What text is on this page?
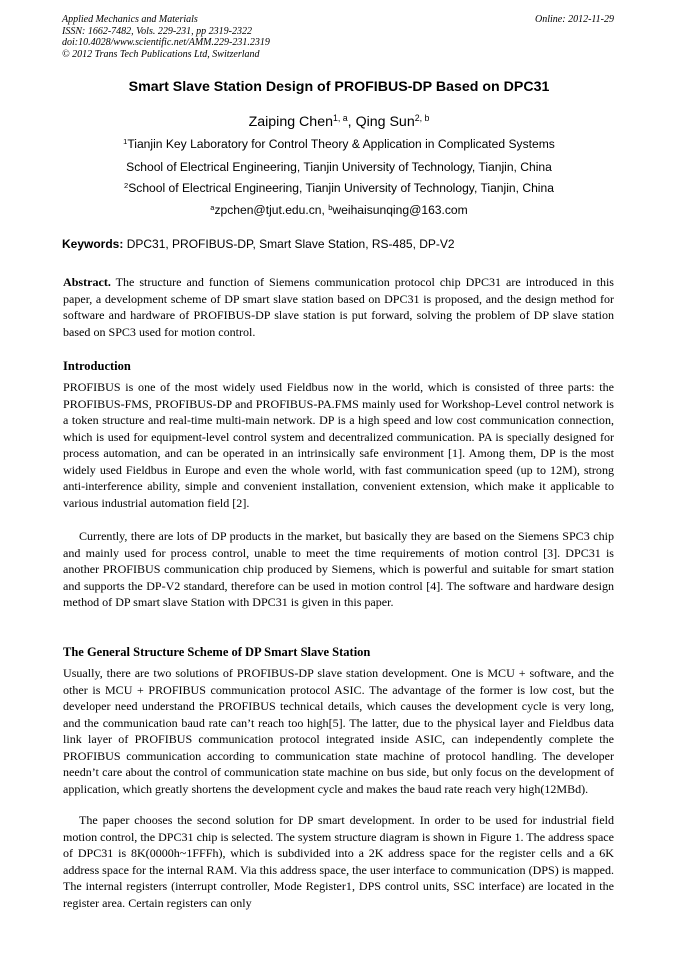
Applied Mechanics and Materials
ISSN: 1662-7482, Vols. 229-231, pp 2319-2322
doi:10.4028/www.scientific.net/AMM.229-231.2319
© 2012 Trans Tech Publications Ltd, Switzerland
Online: 2012-11-29
Smart Slave Station Design of PROFIBUS-DP Based on DPC31
Zaiping Chen$^{1, a}$, Qing Sun$^{2, b}$
$^1$Tianjin Key Laboratory for Control Theory & Application in Complicated Systems
School of Electrical Engineering, Tianjin University of Technology, Tianjin, China
$^2$School of Electrical Engineering, Tianjin University of Technology, Tianjin, China
$^a$zpchen@tjut.edu.cn, $^b$weihaisunqing@163.com
Keywords: DPC31, PROFIBUS-DP, Smart Slave Station, RS-485, DP-V2
Abstract. The structure and function of Siemens communication protocol chip DPC31 are introduced in this paper, a development scheme of DP smart slave station based on DPC31 is proposed, and the design method for software and hardware of PROFIBUS-DP slave station is put forward, solving the problem of DP slave station based on SPC3 used for motion control.
Introduction
PROFIBUS is one of the most widely used Fieldbus now in the world, which is consisted of three parts: the PROFIBUS-FMS, PROFIBUS-DP and PROFIBUS-PA.FMS mainly used for Workshop-Level control network is a token structure and real-time multi-main network. DP is a high speed and low cost communication connection, which is used for equipment-level control system and decentralized communication. PA is specially designed for process automation, and can be operated in an intrinsically safe environment [1]. Among them, DP is the most widely used Fieldbus in Europe and even the whole world, with fast communication speed (up to 12M), strong anti-interference ability, simple and convenient installation, convenient extension, which make it applicable to various industrial automation field [2].
Currently, there are lots of DP products in the market, but basically they are based on the Siemens SPC3 chip and mainly used for process control, unable to meet the time requirements of motion control [3]. DPC31 is another PROFIBUS communication chip produced by Siemens, which is powerful and suitable for smart station and supports the DP-V2 standard, therefore can be used in motion control [4]. The software and hardware design method of DP smart slave Station with DPC31 is given in this paper.
The General Structure Scheme of DP Smart Slave Station
Usually, there are two solutions of PROFIBUS-DP slave station development. One is MCU + software, and the other is MCU + PROFIBUS communication protocol ASIC. The advantage of the former is low cost, but the developer need understand the PROFIBUS technical details, which causes the development cycle is very long, and the communication baud rate can’t reach too high[5]. The latter, due to the physical layer and Fieldbus data link layer of PROFIBUS communication protocol integrated inside ASIC, can independently complete the PROFIBUS communication according to communication state machine of protocol handling. The developer needn’t care about the control of communication state machine on bus side, but only focus on the development of application, which greatly shortens the development cycle and makes the baud rate reach very high(12MBd).
The paper chooses the second solution for DP smart development. In order to be used for industrial field motion control, the DPC31 chip is selected. The system structure diagram is shown in Figure 1. The address space of DPC31 is 8K(0000h~1FFFh), which is subdivided into a 2K address space for the register cells and a 6K address space for the internal RAM. Via this address space, the user interface to communication (DPS) is mapped. The internal registers (interrupt controller, Mode Register1, DPS control units, SSC interface) are located in the register area. Certain registers can only
